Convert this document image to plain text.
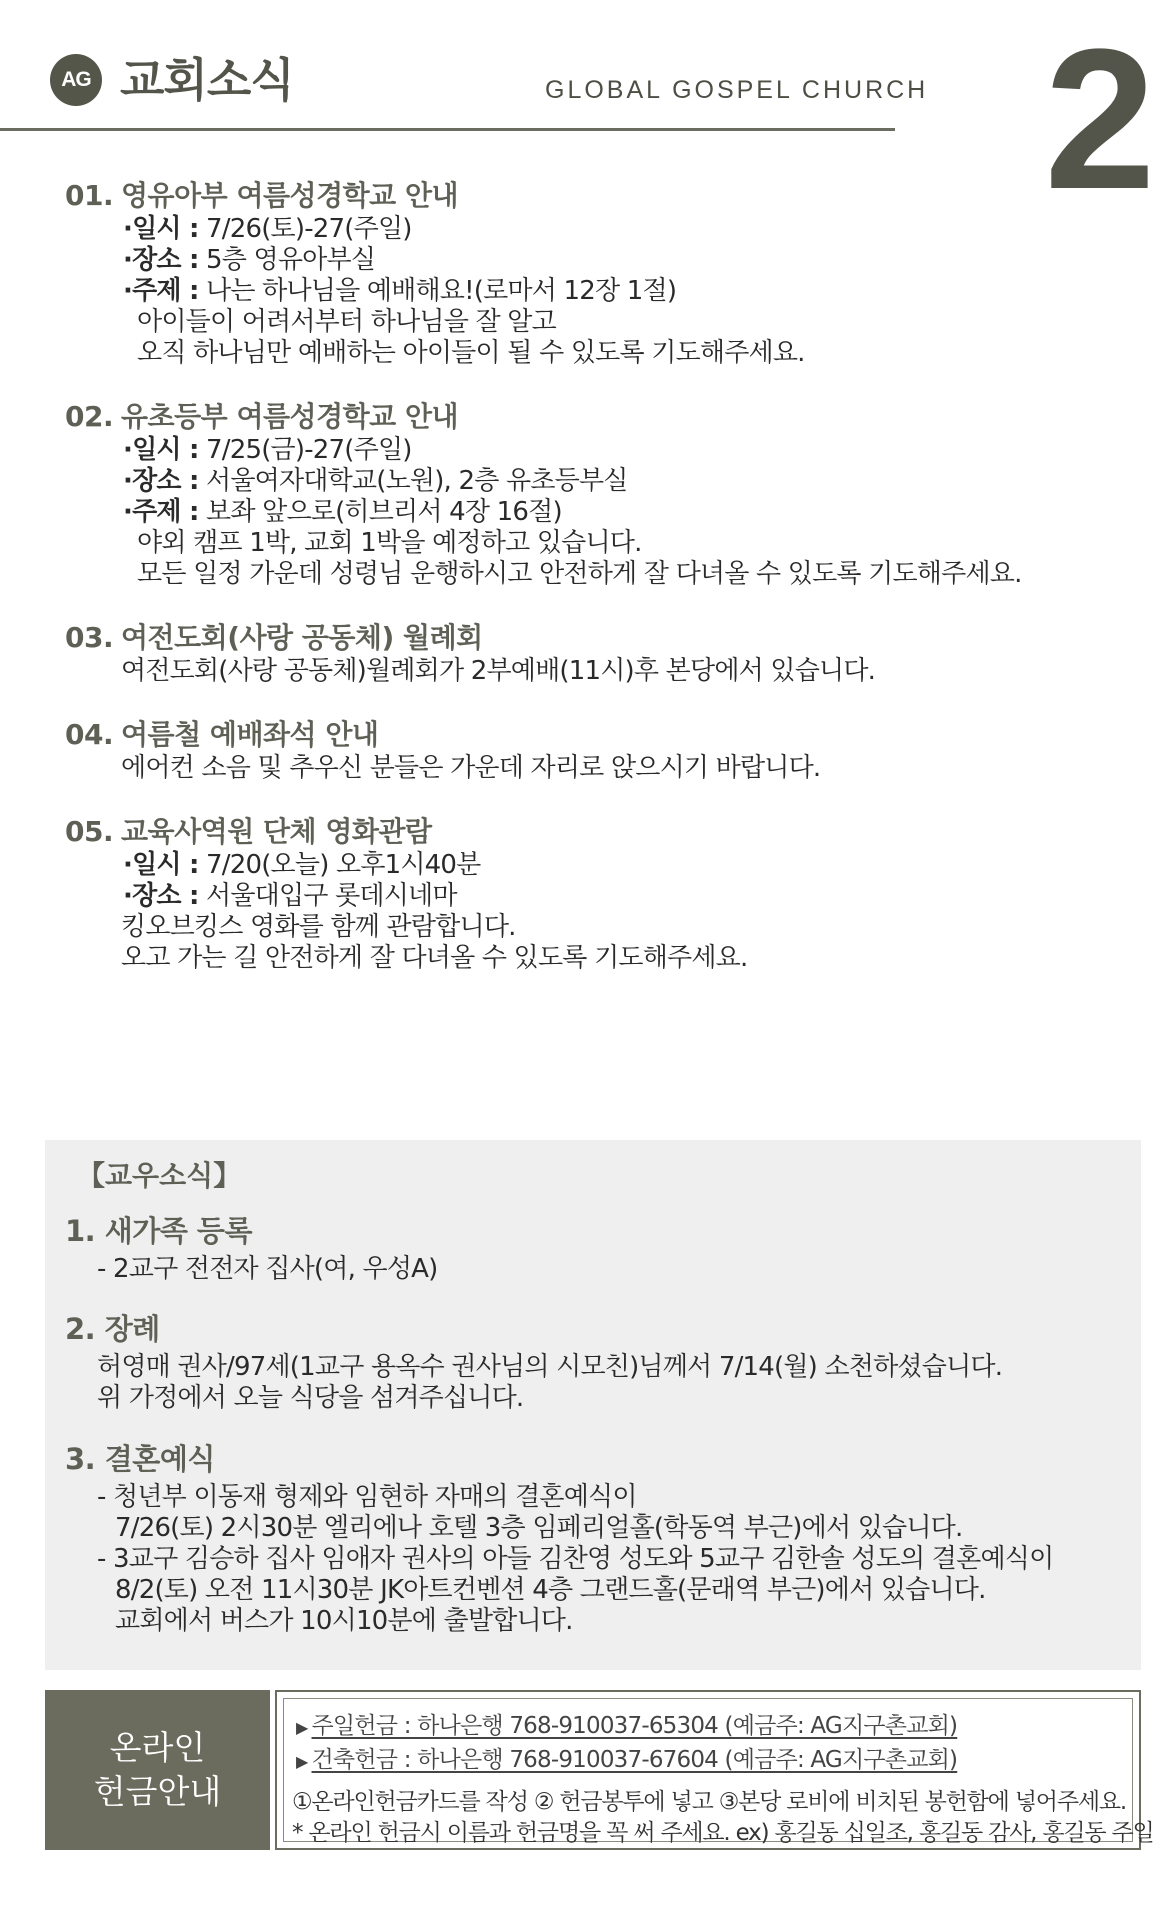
AG 교회소식	GLOBAL GOSPEL CHURCH 2
01. 영유아부 여름성경학교 안내
·일시 : 7/26(토)-27(주일)
·장소 : 5층 영유아부실
·주제 : 나는 하나님을 예배해요!(로마서 12장 1절)
아이들이 어려서부터 하나님을 잘 알고
오직 하나님만 예배하는 아이들이 될 수 있도록 기도해주세요.
02. 유초등부 여름성경학교 안내
·일시 : 7/25(금)-27(주일)
·장소 : 서울여자대학교(노원), 2층 유초등부실
·주제 : 보좌 앞으로(히브리서 4장 16절)
야외 캠프 1박, 교회 1박을 예정하고 있습니다.
모든 일정 가운데 성령님 운행하시고 안전하게 잘 다녀올 수 있도록 기도해주세요.
03. 여전도회(사랑 공동체) 월례회
여전도회(사랑 공동체)월례회가 2부예배(11시)후 본당에서 있습니다.
04. 여름철 예배좌석 안내
에어컨 소음 및 추우신 분들은 가운데 자리로 앉으시기 바랍니다.
05. 교육사역원 단체 영화관람
·일시 : 7/20(오늘) 오후1시40분
·장소 : 서울대입구 롯데시네마
킹오브킹스 영화를 함께 관람합니다.
오고 가는 길 안전하게 잘 다녀올 수 있도록 기도해주세요.
【교우소식】
1. 새가족 등록
- 2교구 전전자 집사(여, 우성A)
2. 장례
허영매 권사/97세(1교구 용옥수 권사님의 시모친)님께서 7/14(월) 소천하셨습니다.
위 가정에서 오늘 식당을 섬겨주십니다.
3. 결혼예식
- 청년부 이동재 형제와 임현하 자매의 결혼예식이
7/26(토) 2시30분 엘리에나 호텔 3층 임페리얼홀(학동역 부근)에서 있습니다.
- 3교구 김승하 집사 임애자 권사의 아들 김찬영 성도와 5교구 김한솔 성도의 결혼예식이
8/2(토) 오전 11시30분 JK아트컨벤션 4층 그랜드홀(문래역 부근)에서 있습니다.
교회에서 버스가 10시10분에 출발합니다.
온라인
헌금안내
▶ 주일헌금 : 하나은행 768-910037-65304 (예금주: AG지구촌교회)
▶ 건축헌금 : 하나은행 768-910037-67604 (예금주: AG지구촌교회)
①온라인헌금카드를 작성 ② 헌금봉투에 넣고 ③본당 로비에 비치된 봉헌함에 넣어주세요.
* 온라인 헌금시 이름과 헌금명을 꼭 써 주세요. ex) 홍길동 십일조, 홍길동 감사, 홍길동 주일
